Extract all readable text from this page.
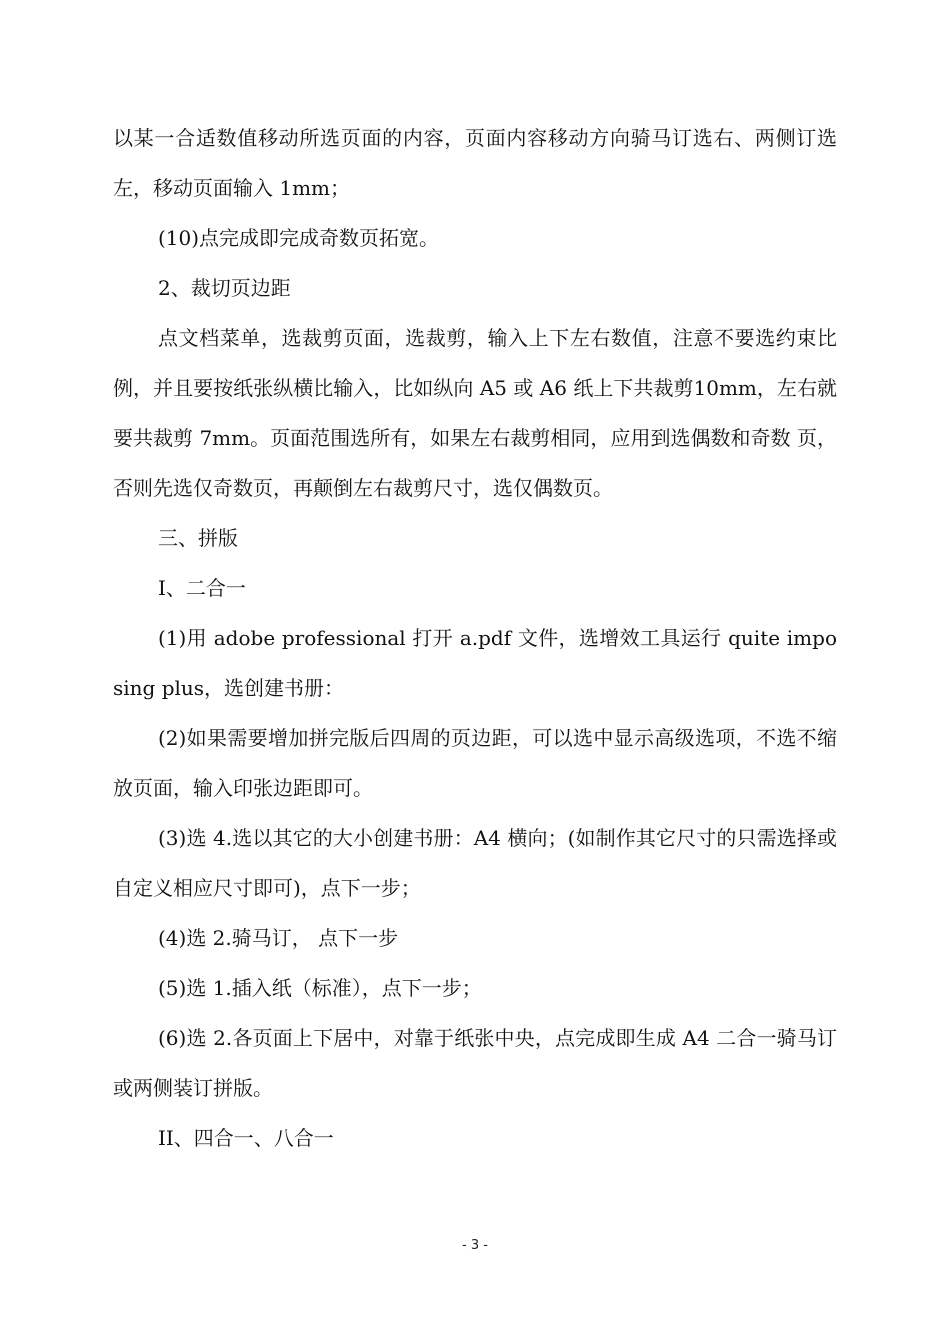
以某一合适数值移动所选页面的内容，页面内容移动方向骑马订选右、两侧订选左，移动页面输入 1mm；

(10)点完成即完成奇数页拓宽。

2、裁切页边距

点文档菜单，选裁剪页面，选裁剪，输入上下左右数值，注意不要选约束比 例，并且要按纸张纵横比输入，比如纵向 A5 或 A6 纸上下共裁剪10mm，左右就要共裁剪 7mm。页面范围选所有，如果左右裁剪相同，应用到选偶数和奇数 页，否则先选仅奇数页，再颠倒左右裁剪尺寸，选仅偶数页。

三、拼版

I、二合一

(1)用 adobe professional 打开 a.pdf 文件，选增效工具运行 quite imposing plus，选创建书册：

(2)如果需要增加拼完版后四周的页边距，可以选中显示高级选项，不选不缩放页面，输入印张边距即可。

(3)选 4.选以其它的大小创建书册：A4 横向；(如制作其它尺寸的只需选择或自定义相应尺寸即可)，点下一步；

(4)选 2.骑马订， 点下一步

(5)选 1.插入纸（标准），点下一步；

(6)选 2.各页面上下居中，对靠于纸张中央，点完成即生成 A4 二合一骑马订或两侧装订拼版。

II、四合一、八合一

- 3 -
